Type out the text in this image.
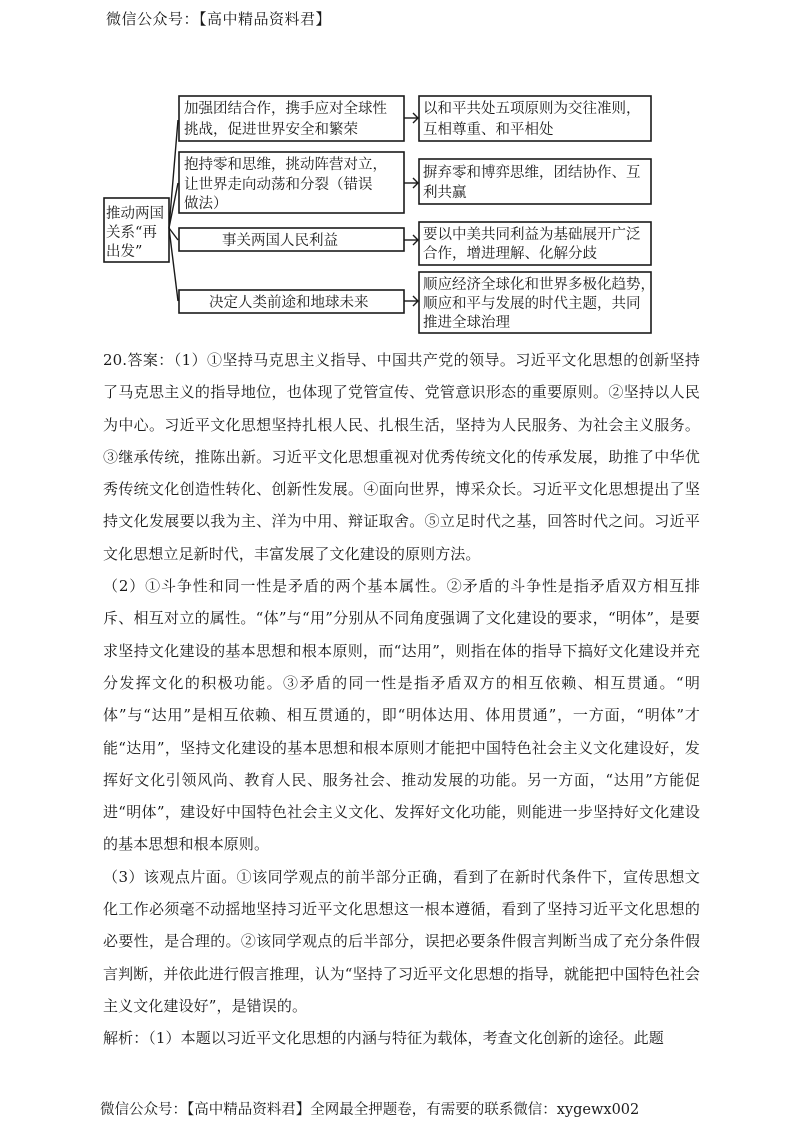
微信公众号：【高中精品资料君】
推动两国
关系“再
出发”
加强团结合作，携手应对全球性
挑战，促进世界安全和繁荣
抱持零和思维，挑动阵营对立，
让世界走向动荡和分裂（错误
做法）
事关两国人民利益
决定人类前途和地球未来
以和平共处五项原则为交往准则，
互相尊重、和平相处
摒弃零和博弈思维，团结协作、互
利共赢
要以中美共同利益为基础展开广泛
合作，增进理解、化解分歧
顺应经济全球化和世界多极化趋势，
顺应和平与发展的时代主题，共同
推进全球治理

20.答案：（1）①坚持马克思主义指导、中国共产党的领导。习近平文化思想的创新坚持了马克思主义的指导地位，也体现了党管宣传、党管意识形态的重要原则。②坚持以人民为中心。习近平文化思想坚持扎根人民、扎根生活，坚持为人民服务、为社会主义服务。③继承传统，推陈出新。习近平文化思想重视对优秀传统文化的传承发展，助推了中华优秀传统文化创造性转化、创新性发展。④面向世界，博采众长。习近平文化思想提出了坚持文化发展要以我为主、洋为中用、辩证取舍。⑤立足时代之基，回答时代之问。习近平文化思想立足新时代，丰富发展了文化建设的原则方法。

（2）①斗争性和同一性是矛盾的两个基本属性。②矛盾的斗争性是指矛盾双方相互排斥、相互对立的属性。“体”与“用”分别从不同角度强调了文化建设的要求，“明体”，是要求坚持文化建设的基本思想和根本原则，而“达用”，则指在体的指导下搞好文化建设并充分发挥文化的积极功能。③矛盾的同一性是指矛盾双方的相互依赖、相互贯通。“明体”与“达用”是相互依赖、相互贯通的，即“明体达用、体用贯通”，一方面，“明体”才能“达用”，坚持文化建设的基本思想和根本原则才能把中国特色社会主义文化建设好，发挥好文化引领风尚、教育人民、服务社会、推动发展的功能。另一方面，“达用”方能促进“明体”，建设好中国特色社会主义文化、发挥好文化功能，则能进一步坚持好文化建设的基本思想和根本原则。

（3）该观点片面。①该同学观点的前半部分正确，看到了在新时代条件下，宣传思想文化工作必须毫不动摇地坚持习近平文化思想这一根本遵循，看到了坚持习近平文化思想的必要性，是合理的。②该同学观点的后半部分，误把必要条件假言判断当成了充分条件假言判断，并依此进行假言推理，认为“坚持了习近平文化思想的指导，就能把中国特色社会主义文化建设好”，是错误的。

解析：（1）本题以习近平文化思想的内涵与特征为载体，考查文化创新的途径。此题

微信公众号：【高中精品资料君】全网最全押题卷，有需要的联系微信：xygewx002
